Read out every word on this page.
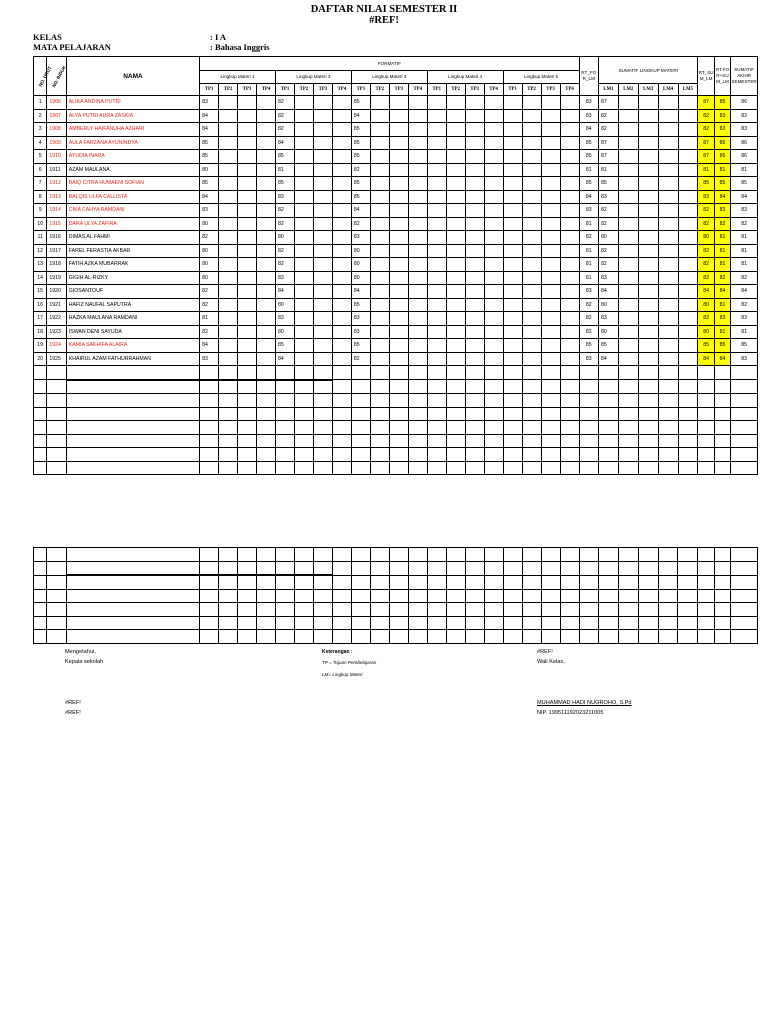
DAFTAR NILAI SEMESTER II
#REF!
KELAS	: I A
MATA PELAJARAN	: Bahasa Inggris
NO. URUT	NO. INDUK	NAMA	FORMATIF																				RT_FO R_LM	SUMATIF LINGKUP MATERI					RT_SU M_LM	RT.FO R+SU M_LM	SUMATIF AKHIR SEMESTER
			Lingkup Materi 1				Lingkup Materi 2				Lingkup Materi 3				Lingkup Materi 4				Lingkup Materi 5												
			TP1	TP2	TP3	TP4	TP1	TP2	TP3	TP4	TP1	TP2	TP3	TP4	TP1	TP2	TP3	TP4	TP1	TP2	TP3	TP4		LM1	LM2	LM3	LM4	LM5			
1	1906	ALIKA ANDINA PUTRI	83				82				85												83	87					87	85	86
2	1907	ALYA PUTRI AURA ZASKIA	84				82				84												83	82					82	83	83
3	1908	AMBERLY HAIFANUHA AZHARI	84				82				85												84	82					82	83	83
4	1909	AULA FARZANA AYUNINDYA	85				84				85												85	87					87	86	86
5	1910	AYUDIA INARA	85				85				85												85	87					87	86	86
6	1911	AZAM MAULANA	80				81				82												81	81					81	81	81
7	1912	BAIQ CITRA HUMAENI SOFIAN	85				85				85												85	85					85	85	85
8	1913	BALQIS ULFA CALLISTA	84				83				85												84	83					83	84	84
9	1914	CIKA CAHYA RAMDANI	83				82				84												83	82					82	83	83
10	1915	DARA ULYA ZAFIRA	80				82				82												81	82					82	82	82
11	1916	DIMAS AL FAHMI	82				80				83												82	80					80	81	81
12	1917	FAREL FERASTIA AKBAR	80				82				80												81	82					82	81	81
13	1918	FATIH AZKA MUBARRAK	80				82				80												81	82					82	81	81
14	1919	GIGIH AL-RIZKY	80				83				80												81	83					83	82	82
15	1920	GIOSANTOUF	82				84				84												83	84					84	84	84
16	1921	HAFIZ NAUFAL SAPUTRA	82				80				85												82	80					80	81	82
17	1922	HAZKA MAULANA RAMDANI	81				83				83												82	83					83	83	83
18	1923	ISWAN DENI SAYUDA	82				80				83												82	80					80	81	81
19	1924	KAMIA SAKHIFA ALAIRA	84				85				85												85	85					85	85	85
20	1925	KHAIRUL AZAM FATHURRAHMAN	83				84				82												83	84					84	84	83

Mengetahui,
Kepala sekolah
#REF!
#REF!
Keterangan :
TP = Tujuan Pembelajaran
LM= Lingkup Materi
#REF!
Wali Kelas,
MUHAMMAD HADI NUGROHO, S.Pd
NIP. 199511192023211005
